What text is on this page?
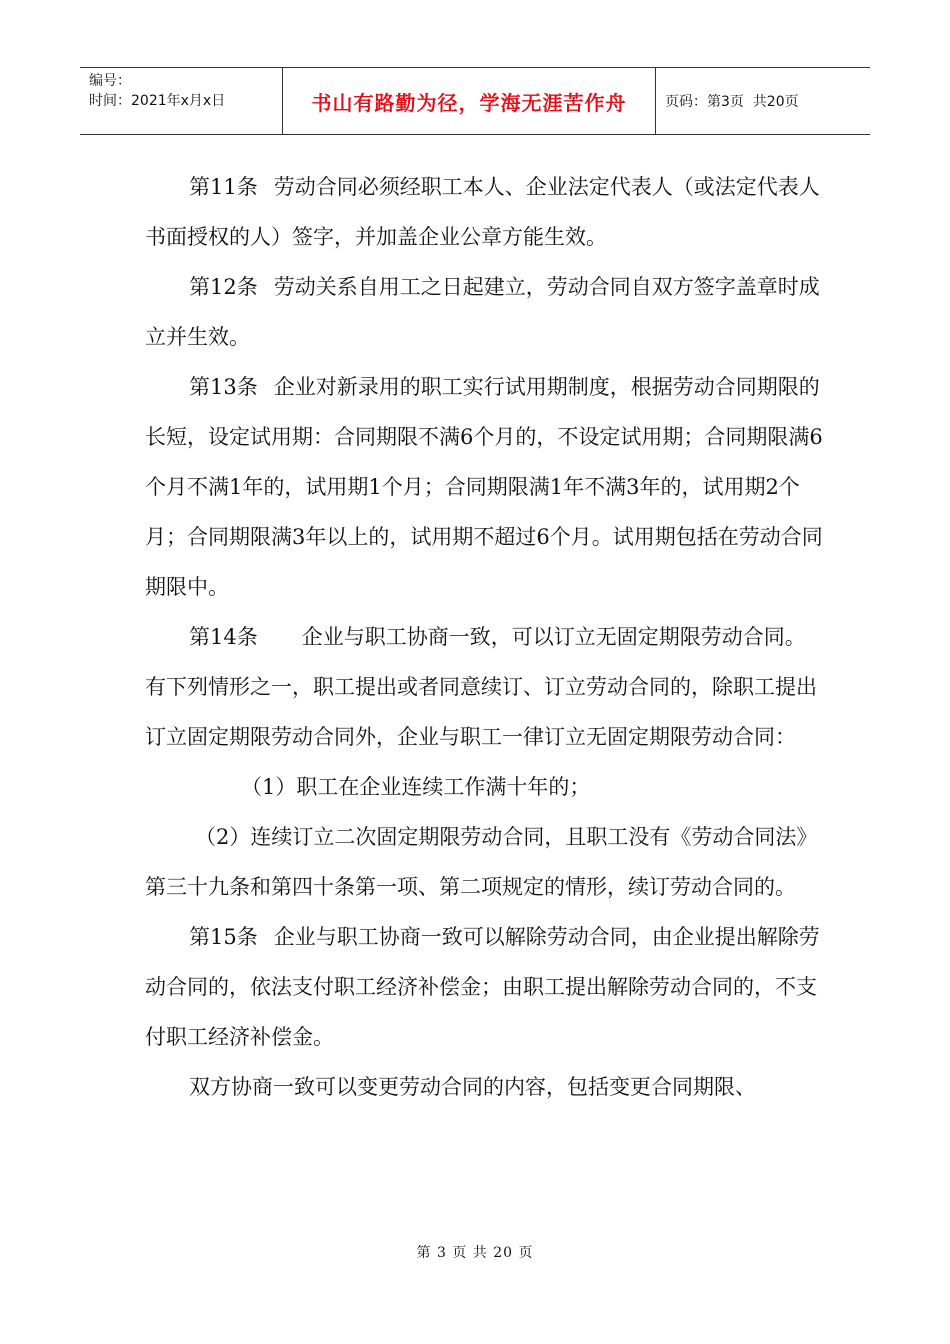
编号：
时间：2021年x月x日	书山有路勤为径，学海无涯苦作舟	页码：第3页  共20页

第11条 劳动合同必须经职工本人、企业法定代表人（或法定代表人书面授权的人）签字，并加盖企业公章方能生效。

第12条 劳动关系自用工之日起建立，劳动合同自双方签字盖章时成立并生效。

第13条 企业对新录用的职工实行试用期制度，根据劳动合同期限的长短，设定试用期：合同期限不满6个月的，不设定试用期；合同期限满6个月不满1年的，试用期1个月；合同期限满1年不满3年的，试用期2个月；合同期限满3年以上的，试用期不超过6个月。试用期包括在劳动合同期限中。

第14条 企业与职工协商一致，可以订立无固定期限劳动合同。有下列情形之一，职工提出或者同意续订、订立劳动合同的，除职工提出订立固定期限劳动合同外，企业与职工一律订立无固定期限劳动合同：

（1）职工在企业连续工作满十年的；

（2）连续订立二次固定期限劳动合同，且职工没有《劳动合同法》第三十九条和第四十条第一项、第二项规定的情形，续订劳动合同的。

第15条 企业与职工协商一致可以解除劳动合同，由企业提出解除劳动合同的，依法支付职工经济补偿金；由职工提出解除劳动合同的，不支付职工经济补偿金。

双方协商一致可以变更劳动合同的内容，包括变更合同期限、

第 3 页 共 20 页
